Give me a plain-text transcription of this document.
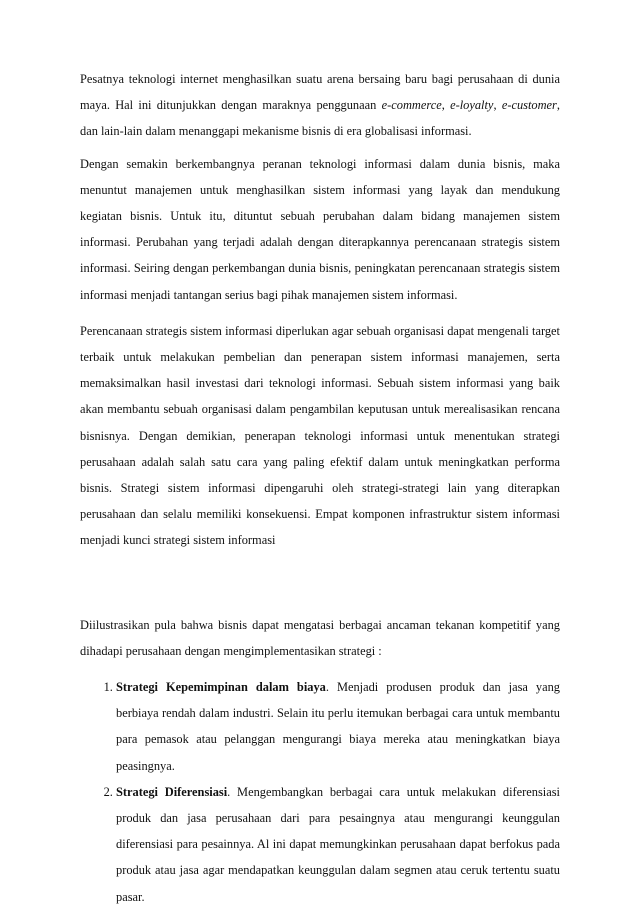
Pesatnya teknologi internet menghasilkan suatu arena bersaing baru bagi perusahaan di dunia maya. Hal ini ditunjukkan dengan maraknya penggunaan e-commerce, e-loyalty, e-customer, dan lain-lain dalam menanggapi mekanisme bisnis di era globalisasi informasi.

Dengan semakin berkembangnya peranan teknologi informasi dalam dunia bisnis, maka menuntut manajemen untuk menghasilkan sistem informasi yang layak dan mendukung kegiatan bisnis. Untuk itu, dituntut sebuah perubahan dalam bidang manajemen sistem informasi. Perubahan yang terjadi adalah dengan diterapkannya perencanaan strategis sistem informasi. Seiring dengan perkembangan dunia bisnis, peningkatan perencanaan strategis sistem informasi menjadi tantangan serius bagi pihak manajemen sistem informasi.

Perencanaan strategis sistem informasi diperlukan agar sebuah organisasi dapat mengenali target terbaik untuk melakukan pembelian dan penerapan sistem informasi manajemen, serta memaksimalkan hasil investasi dari teknologi informasi. Sebuah sistem informasi yang baik akan membantu sebuah organisasi dalam pengambilan keputusan untuk merealisasikan rencana bisnisnya. Dengan demikian, penerapan teknologi informasi untuk menentukan strategi perusahaan adalah salah satu cara yang paling efektif dalam untuk meningkatkan performa bisnis. Strategi sistem informasi dipengaruhi oleh strategi-strategi lain yang diterapkan perusahaan dan selalu memiliki konsekuensi. Empat komponen infrastruktur sistem informasi menjadi kunci strategi sistem informasi

Diilustrasikan pula bahwa bisnis dapat mengatasi berbagai ancaman tekanan kompetitif yang dihadapi perusahaan dengan mengimplementasikan strategi :

1. Strategi Kepemimpinan dalam biaya. Menjadi produsen produk dan jasa yang berbiaya rendah dalam industri. Selain itu perlu itemukan berbagai cara untuk membantu para pemasok atau pelanggan mengurangi biaya mereka atau meningkatkan biaya peasingnya.
2. Strategi Diferensiasi. Mengembangkan berbagai cara untuk melakukan diferensiasi produk dan jasa perusahaan dari para pesaingnya atau mengurangi keunggulan diferensiasi para pesainnya. Al ini dapat memungkinkan perusahaan dapat berfokus pada produk atau jasa agar mendapatkan keunggulan dalam segmen atau ceruk tertentu suatu pasar.
